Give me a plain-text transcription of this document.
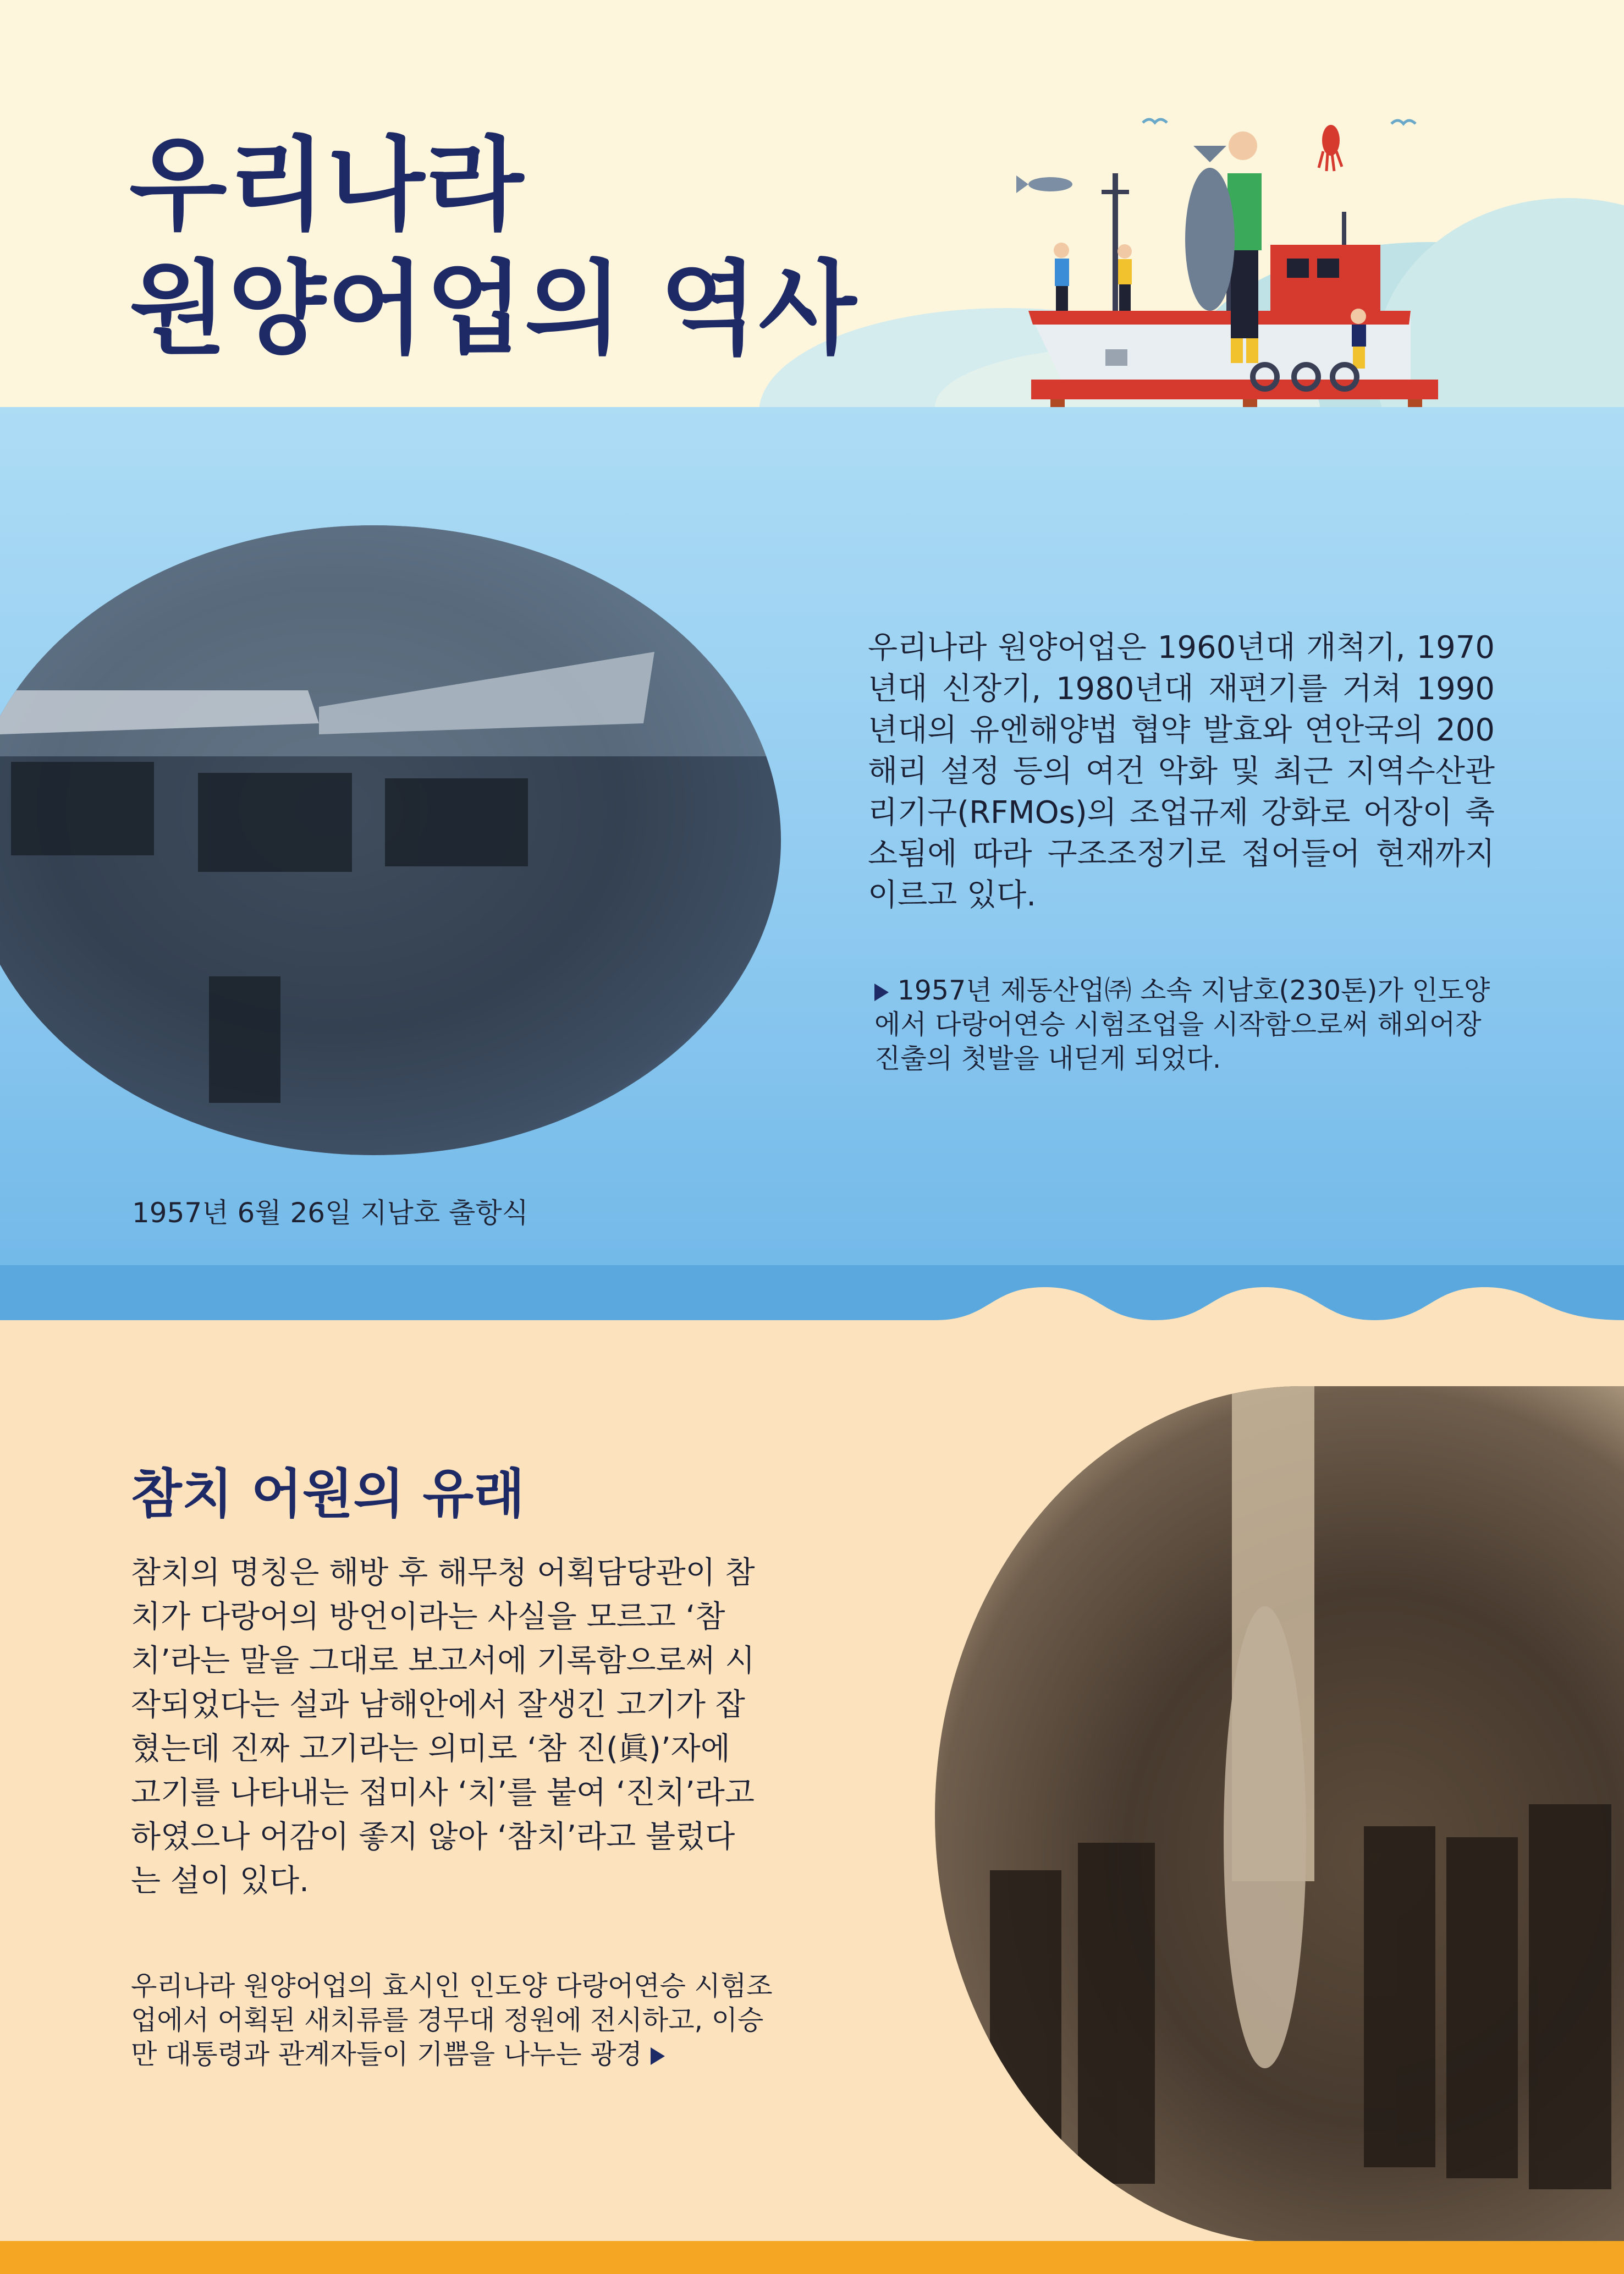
우리나라
원양어업의 역사

1957년 6월 26일 지남호 출항식

우리나라 원양어업은 1960년대 개척기, 1970년대 신장기, 1980년대 재편기를 거쳐 1990년대의 유엔해양법 협약 발효와 연안국의 200해리 설정 등의 여건 악화 및 최근 지역수산관리기구(RFMOs)의 조업규제 강화로 어장이 축소됨에 따라 구조조정기로 접어들어 현재까지 이르고 있다.

1957년 제동산업㈜ 소속 지남호(230톤)가 인도양에서 다랑어연승 시험조업을 시작함으로써 해외어장 진출의 첫발을 내딛게 되었다.
참치 어원의 유래

참치의 명칭은 해방 후 해무청 어획담당관이 참치가 다랑어의 방언이라는 사실을 모르고 ‘참치’라는 말을 그대로 보고서에 기록함으로써 시작되었다는 설과 남해안에서 잘생긴 고기가 잡혔는데 진짜 고기라는 의미로 ‘참 진(眞)’자에 고기를 나타내는 접미사 ‘치’를 붙여 ‘진치’라고 하였으나 어감이 좋지 않아 ‘참치’라고 불렀다는 설이 있다.

우리나라 원양어업의 효시인 인도양 다랑어연승 시험조업에서 어획된 새치류를 경무대 정원에 전시하고, 이승만 대통령과 관계자들이 기쁨을 나누는 광경
